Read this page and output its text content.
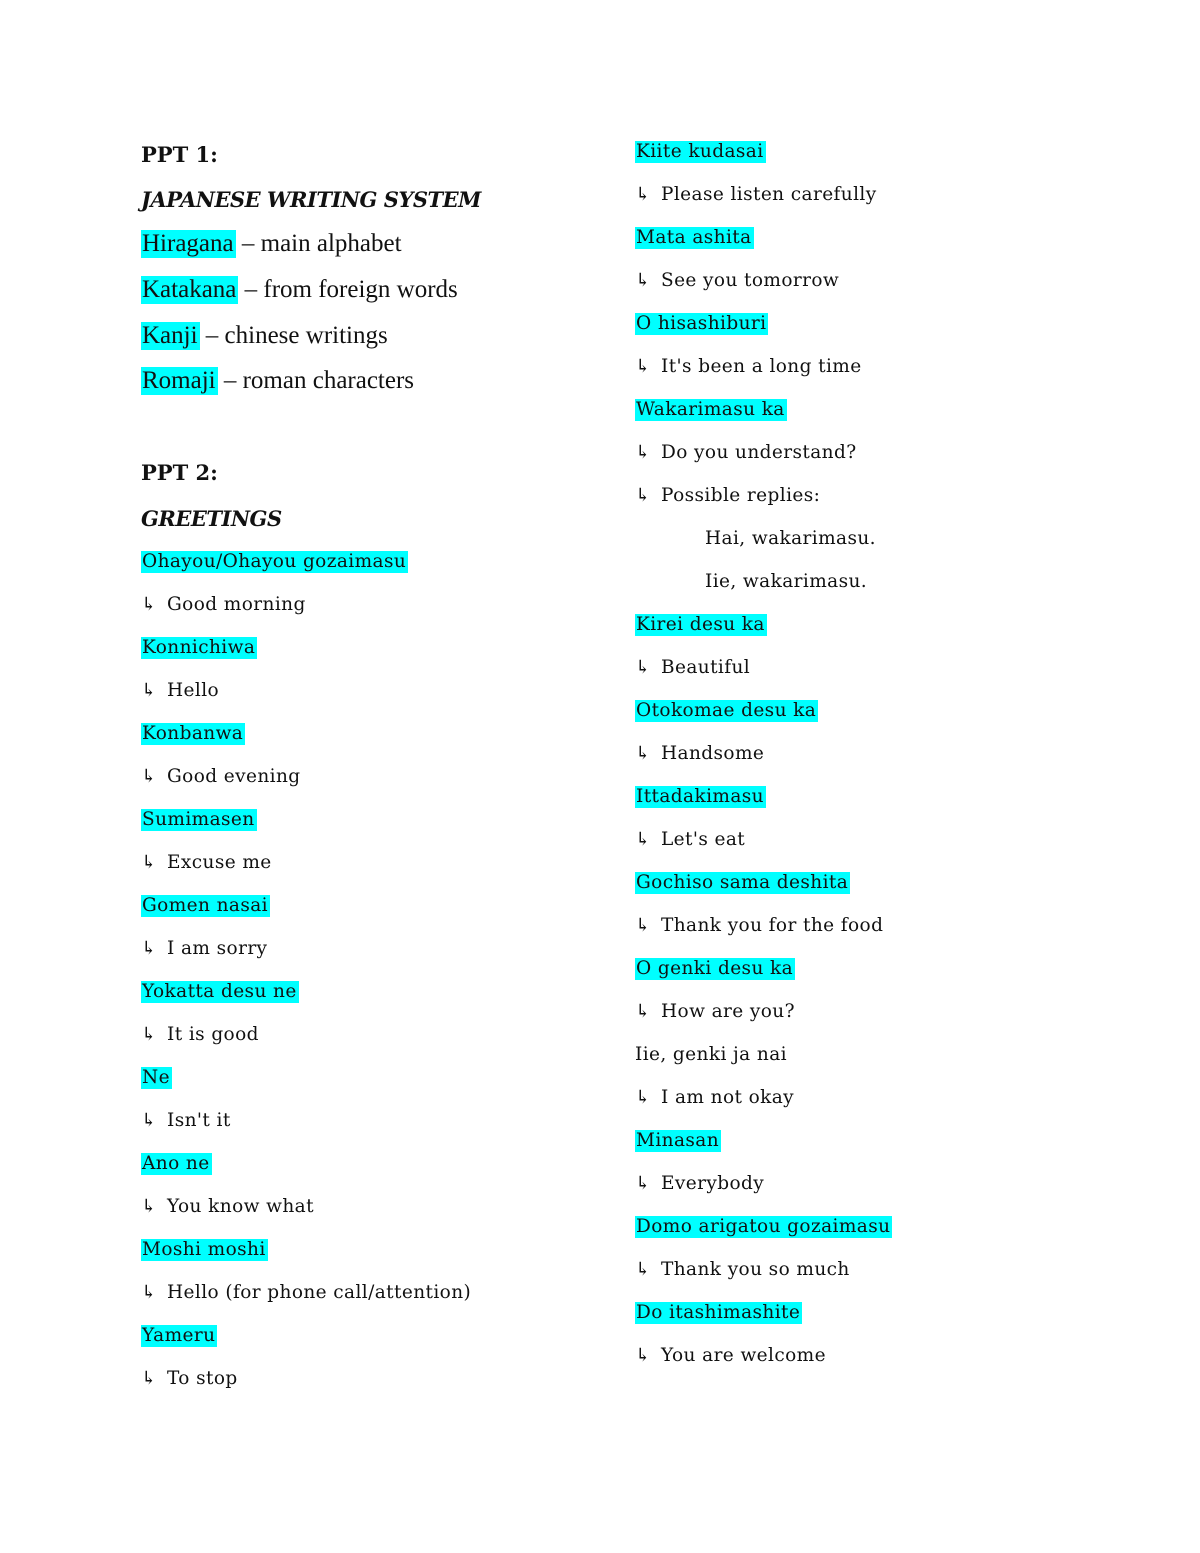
PPT 1:
JAPANESE WRITING SYSTEM
Hiragana – main alphabet
Katakana – from foreign words
Kanji – chinese writings
Romaji – roman characters
PPT 2:
GREETINGS
Ohayou/Ohayou gozaimasu
↳ Good morning
Konnichiwa
↳ Hello
Konbanwa
↳ Good evening
Sumimasen
↳ Excuse me
Gomen nasai
↳ I am sorry
Yokatta desu ne
↳ It is good
Ne
↳ Isn't it
Ano ne
↳ You know what
Moshi moshi
↳ Hello (for phone call/attention)
Yameru
↳ To stop
Kiite kudasai
↳ Please listen carefully
Mata ashita
↳ See you tomorrow
O hisashiburi
↳ It's been a long time
Wakarimasu ka
↳ Do you understand?
↳ Possible replies:
Hai, wakarimasu.
Iie, wakarimasu.
Kirei desu ka
↳ Beautiful
Otokomae desu ka
↳ Handsome
Ittadakimasu
↳ Let's eat
Gochiso sama deshita
↳ Thank you for the food
O genki desu ka
↳ How are you?
Iie, genki ja nai
↳ I am not okay
Minasan
↳ Everybody
Domo arigatou gozaimasu
↳ Thank you so much
Do itashimashite
↳ You are welcome
